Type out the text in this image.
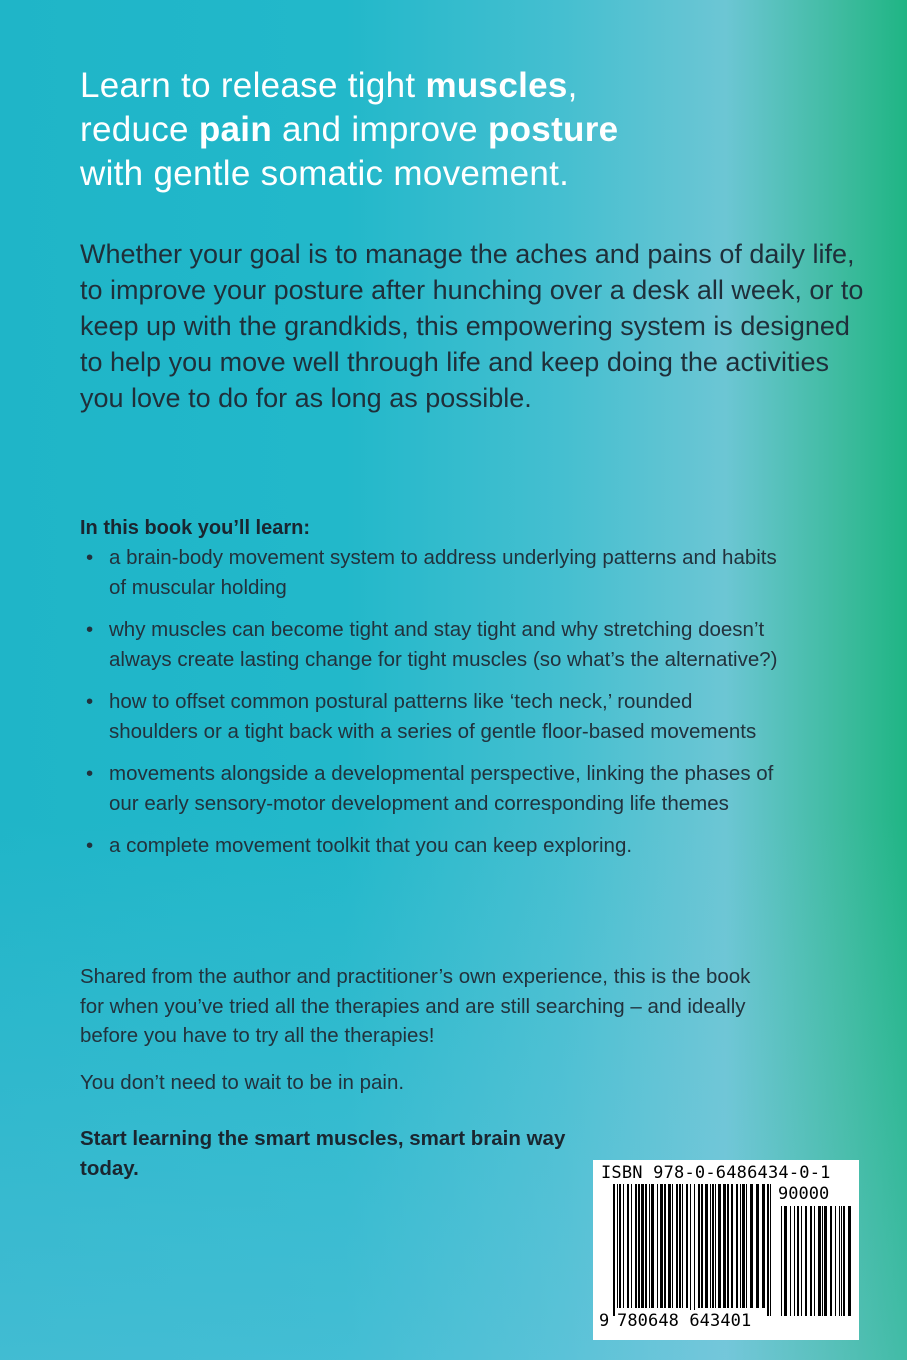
Learn to release tight muscles,
reduce pain and improve posture
with gentle somatic movement.

Whether your goal is to manage the aches and pains of daily life, to improve your posture after hunching over a desk all week, or to keep up with the grandkids, this empowering system is designed to help you move well through life and keep doing the activities you love to do for as long as possible.

In this book you’ll learn:

• a brain-body movement system to address underlying patterns and habits of muscular holding
• why muscles can become tight and stay tight and why stretching doesn’t always create lasting change for tight muscles (so what’s the alternative?)
• how to offset common postural patterns like ‘tech neck,’ rounded shoulders or a tight back with a series of gentle floor-based movements
• movements alongside a developmental perspective, linking the phases of our early sensory-motor development and corresponding life themes
• a complete movement toolkit that you can keep exploring.

Shared from the author and practitioner’s own experience, this is the book for when you’ve tried all the therapies and are still searching – and ideally before you have to try all the therapies!

You don’t need to wait to be in pain.

Start learning the smart muscles, smart brain way today.	ISBN 978-0-6486434-0-1
90000
9 780648 643401
